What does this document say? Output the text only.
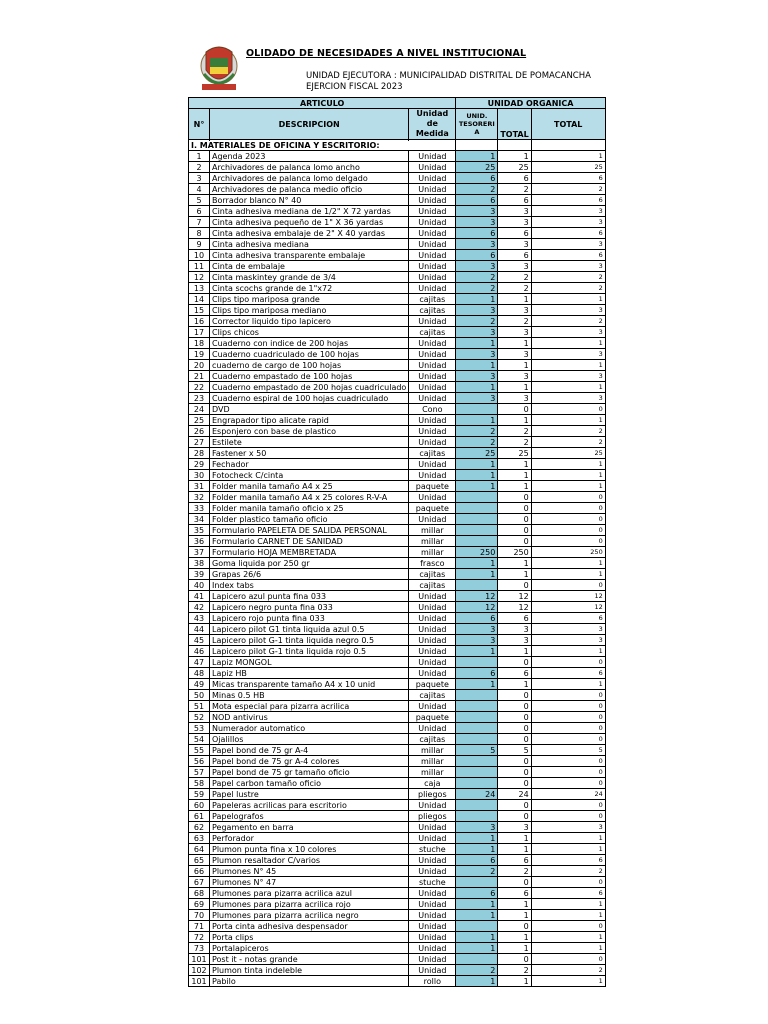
OLIDADO DE NECESIDADES A NIVEL INSTITUCIONAL
UNIDAD EJECUTORA : MUNICIPALIDAD DISTRITAL DE POMACANCHA
EJERCION FISCAL 2023
ARTICULO			UNIDAD ORGANICA		
N°	DESCRIPCION	Unidad de Medida	UNID. TESORERI A	TOTAL	TOTAL

I. MATERIALES DE OFICINA Y ESCRITORIO:					
1	Agenda 2023	Unidad	1	1	1
2	Archivadores de palanca lomo ancho	Unidad	25	25	25
3	Archivadores de palanca lomo delgado	Unidad	6	6	6
4	Archivadores de palanca medio oficio	Unidad	2	2	2
5	Borrador blanco N° 40	Unidad	6	6	6
6	Cinta adhesiva mediana de 1/2" X 72 yardas	Unidad	3	3	3
7	Cinta adhesiva pequeño de 1" X 36 yardas	Unidad	3	3	3
8	Cinta adhesiva embalaje de 2" X 40 yardas	Unidad	6	6	6
9	Cinta adhesiva mediana	Unidad	3	3	3
10	Cinta adhesiva transparente embalaje	Unidad	6	6	6
11	Cinta de embalaje	Unidad	3	3	3
12	Cinta maskintey grande de 3/4	Unidad	2	2	2
13	Cinta scochs grande de 1"x72	Unidad	2	2	2
14	Clips tipo mariposa grande	cajitas	1	1	1
15	Clips tipo mariposa mediano	cajitas	3	3	3
16	Corrector liquido tipo lapicero	Unidad	2	2	2
17	Clips chicos	cajitas	3	3	3
18	Cuaderno con indice de 200 hojas	Unidad	1	1	1
19	Cuaderno cuadriculado de 100 hojas	Unidad	3	3	3
20	cuaderno de cargo de 100 hojas	Unidad	1	1	1
21	Cuaderno empastado de 100 hojas	Unidad	3	3	3
22	Cuaderno empastado de 200 hojas cuadriculado	Unidad	1	1	1
23	Cuaderno espiral de 100 hojas cuadriculado	Unidad	3	3	3
24	DVD	Cono		0	0
25	Engrapador tipo alicate rapid	Unidad	1	1	1
26	Esponjero con base de plastico	Unidad	2	2	2
27	Estilete	Unidad	2	2	2
28	Fastener x 50	cajitas	25	25	25
29	Fechador	Unidad	1	1	1
30	Fotocheck C/cinta	Unidad	1	1	1
31	Folder manila tamaño A4 x 25	paquete	1	1	1
32	Folder manila tamaño A4 x 25 colores R-V-A	Unidad		0	0
33	Folder manila tamaño oficio x 25	paquete		0	0
34	Folder plastico tamaño oficio	Unidad		0	0
35	Formulario PAPELETA DE SALIDA PERSONAL	millar		0	0
36	Formulario CARNET DE SANIDAD	millar		0	0
37	Formulario HOJA MEMBRETADA	millar	250	250	250
38	Goma liquida por 250 gr	frasco	1	1	1
39	Grapas 26/6	cajitas	1	1	1
40	Index tabs	cajitas		0	0
41	Lapicero azul punta fina 033	Unidad	12	12	12
42	Lapicero negro punta fina 033	Unidad	12	12	12
43	Lapicero rojo punta fina 033	Unidad	6	6	6
44	Lapicero pilot G1 tinta liquida azul 0.5	Unidad	3	3	3
45	Lapicero pilot G-1 tinta liquida negro 0.5	Unidad	3	3	3
46	Lapicero pilot G-1 tinta liquida rojo 0.5	Unidad	1	1	1
47	Lapiz MONGOL	Unidad		0	0
48	Lapiz HB	Unidad	6	6	6
49	Micas transparente tamaño A4 x 10 unid	paquete	1	1	1
50	Minas 0.5 HB	cajitas		0	0
51	Mota especial para pizarra acrilica	Unidad		0	0
52	NOD antivirus	paquete		0	0
53	Numerador automatico	Unidad		0	0
54	Ojalillos	cajitas		0	0
55	Papel bond de 75 gr A-4	millar	5	5	5
56	Papel bond de 75 gr A-4 colores	millar		0	0
57	Papel bond de 75 gr tamaño oficio	millar		0	0
58	Papel carbon tamaño oficio	caja		0	0
59	Papel lustre	pliegos	24	24	24
60	Papeleras acrilicas para escritorio	Unidad		0	0
61	Papelografos	pliegos		0	0
62	Pegamento en barra	Unidad	3	3	3
63	Perforador	Unidad	1	1	1
64	Plumon punta fina x 10 colores	stuche	1	1	1
65	Plumon resaltador C/varios	Unidad	6	6	6
66	Plumones N° 45	Unidad	2	2	2
67	Plumones N° 47	stuche		0	0
68	Plumones para pizarra acrilica azul	Unidad	6	6	6
69	Plumones para pizarra acrilica rojo	Unidad	1	1	1
70	Plumones para pizarra acrilica negro	Unidad	1	1	1
71	Porta cinta adhesiva despensador	Unidad		0	0
72	Porta clips	Unidad	1	1	1
73	Portalapiceros	Unidad	1	1	1
101	Post it - notas grande	Unidad		0	0
102	Plumon tinta indeleble	Unidad	2	2	2
101	Pabilo	rollo	1	1	1
